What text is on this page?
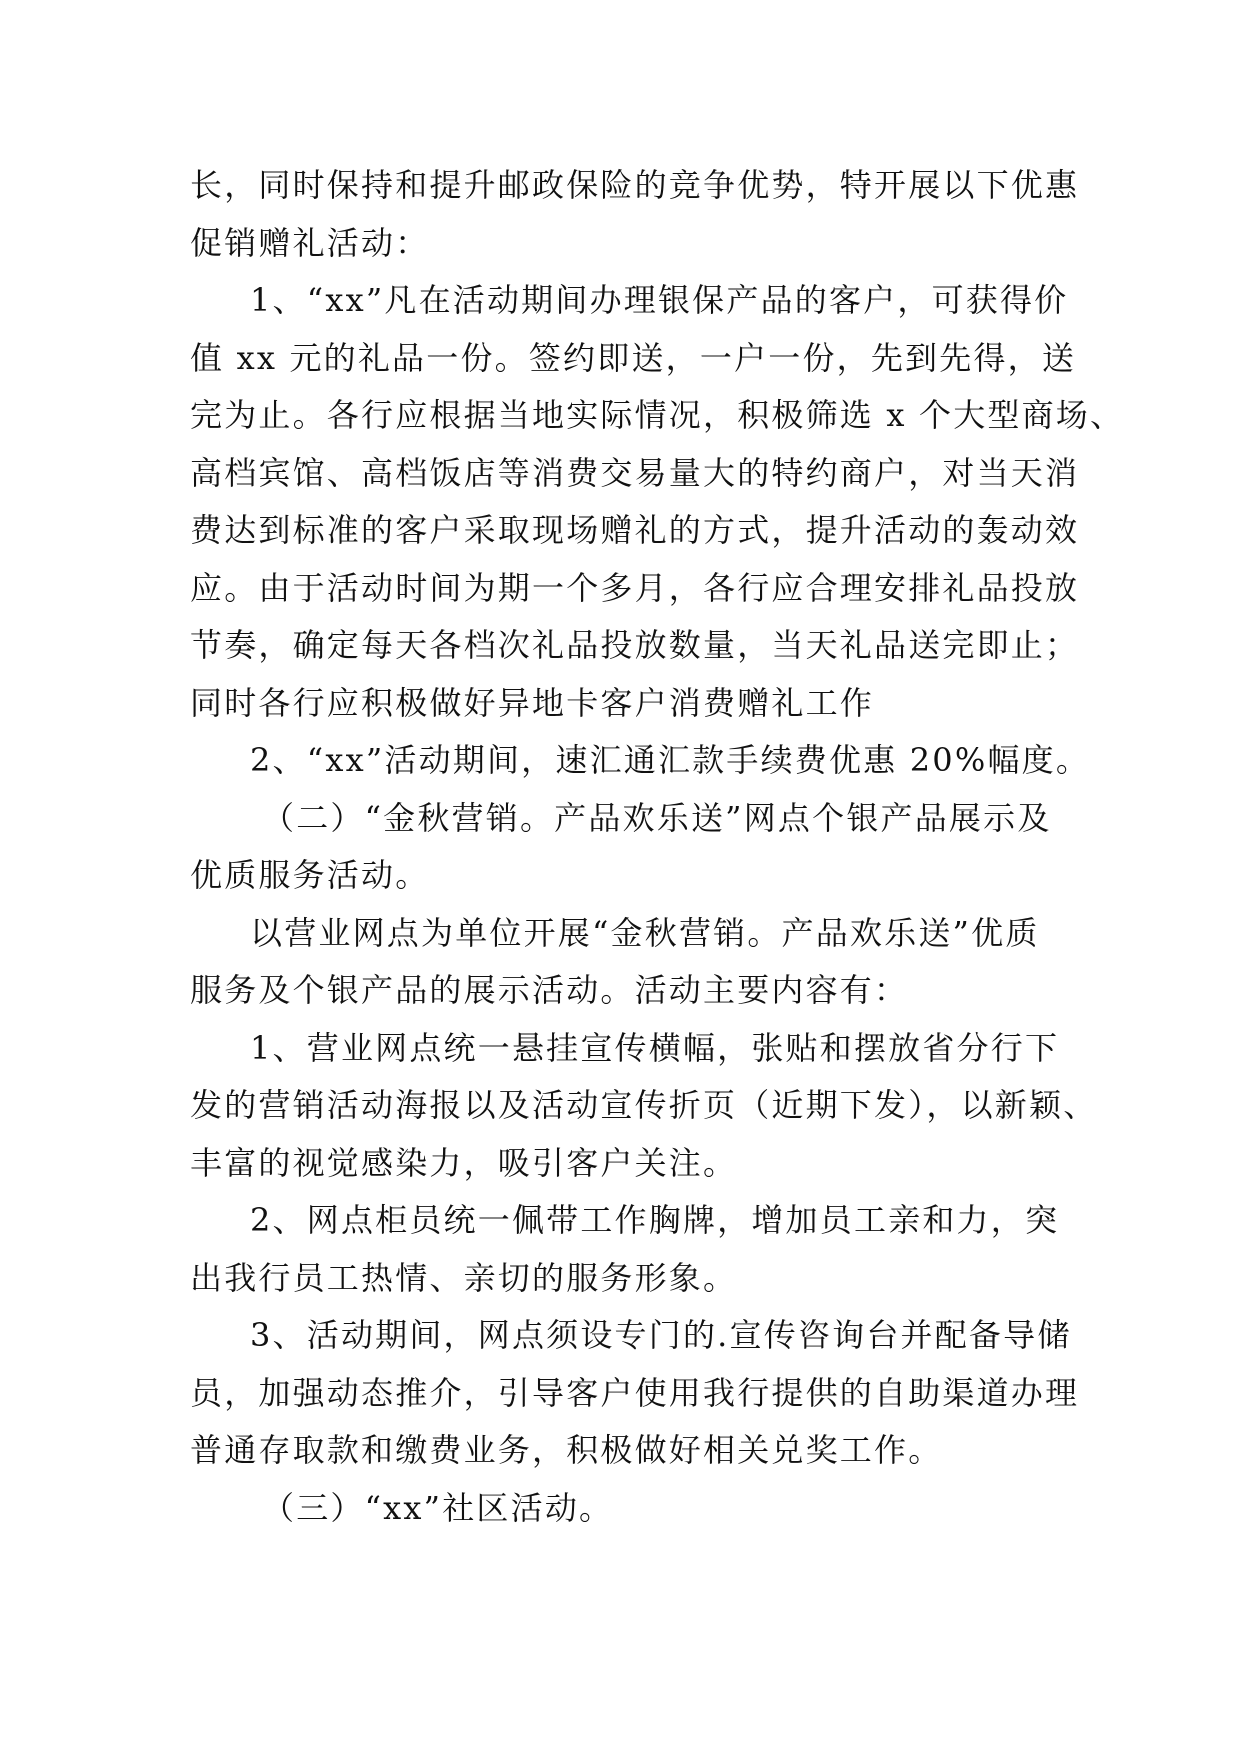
长，同时保持和提升邮政保险的竞争优势，特开展以下优惠
促销赠礼活动：
1、“xx”凡在活动期间办理银保产品的客户，可获得价
值 xx 元的礼品一份。签约即送，一户一份，先到先得，送
完为止。各行应根据当地实际情况，积极筛选 x 个大型商场、
高档宾馆、高档饭店等消费交易量大的特约商户，对当天消
费达到标准的客户采取现场赠礼的方式，提升活动的轰动效
应。由于活动时间为期一个多月，各行应合理安排礼品投放
节奏，确定每天各档次礼品投放数量，当天礼品送完即止；
同时各行应积极做好异地卡客户消费赠礼工作
2、“xx”活动期间，速汇通汇款手续费优惠 20%幅度。
（二）“金秋营销。产品欢乐送”网点个银产品展示及
优质服务活动。
以营业网点为单位开展“金秋营销。产品欢乐送”优质
服务及个银产品的展示活动。活动主要内容有：
1、营业网点统一悬挂宣传横幅，张贴和摆放省分行下
发的营销活动海报以及活动宣传折页（近期下发），以新颖、
丰富的视觉感染力，吸引客户关注。
2、网点柜员统一佩带工作胸牌，增加员工亲和力，突
出我行员工热情、亲切的服务形象。
3、活动期间，网点须设专门的.宣传咨询台并配备导储
员，加强动态推介，引导客户使用我行提供的自助渠道办理
普通存取款和缴费业务，积极做好相关兑奖工作。
（三）“xx”社区活动。
